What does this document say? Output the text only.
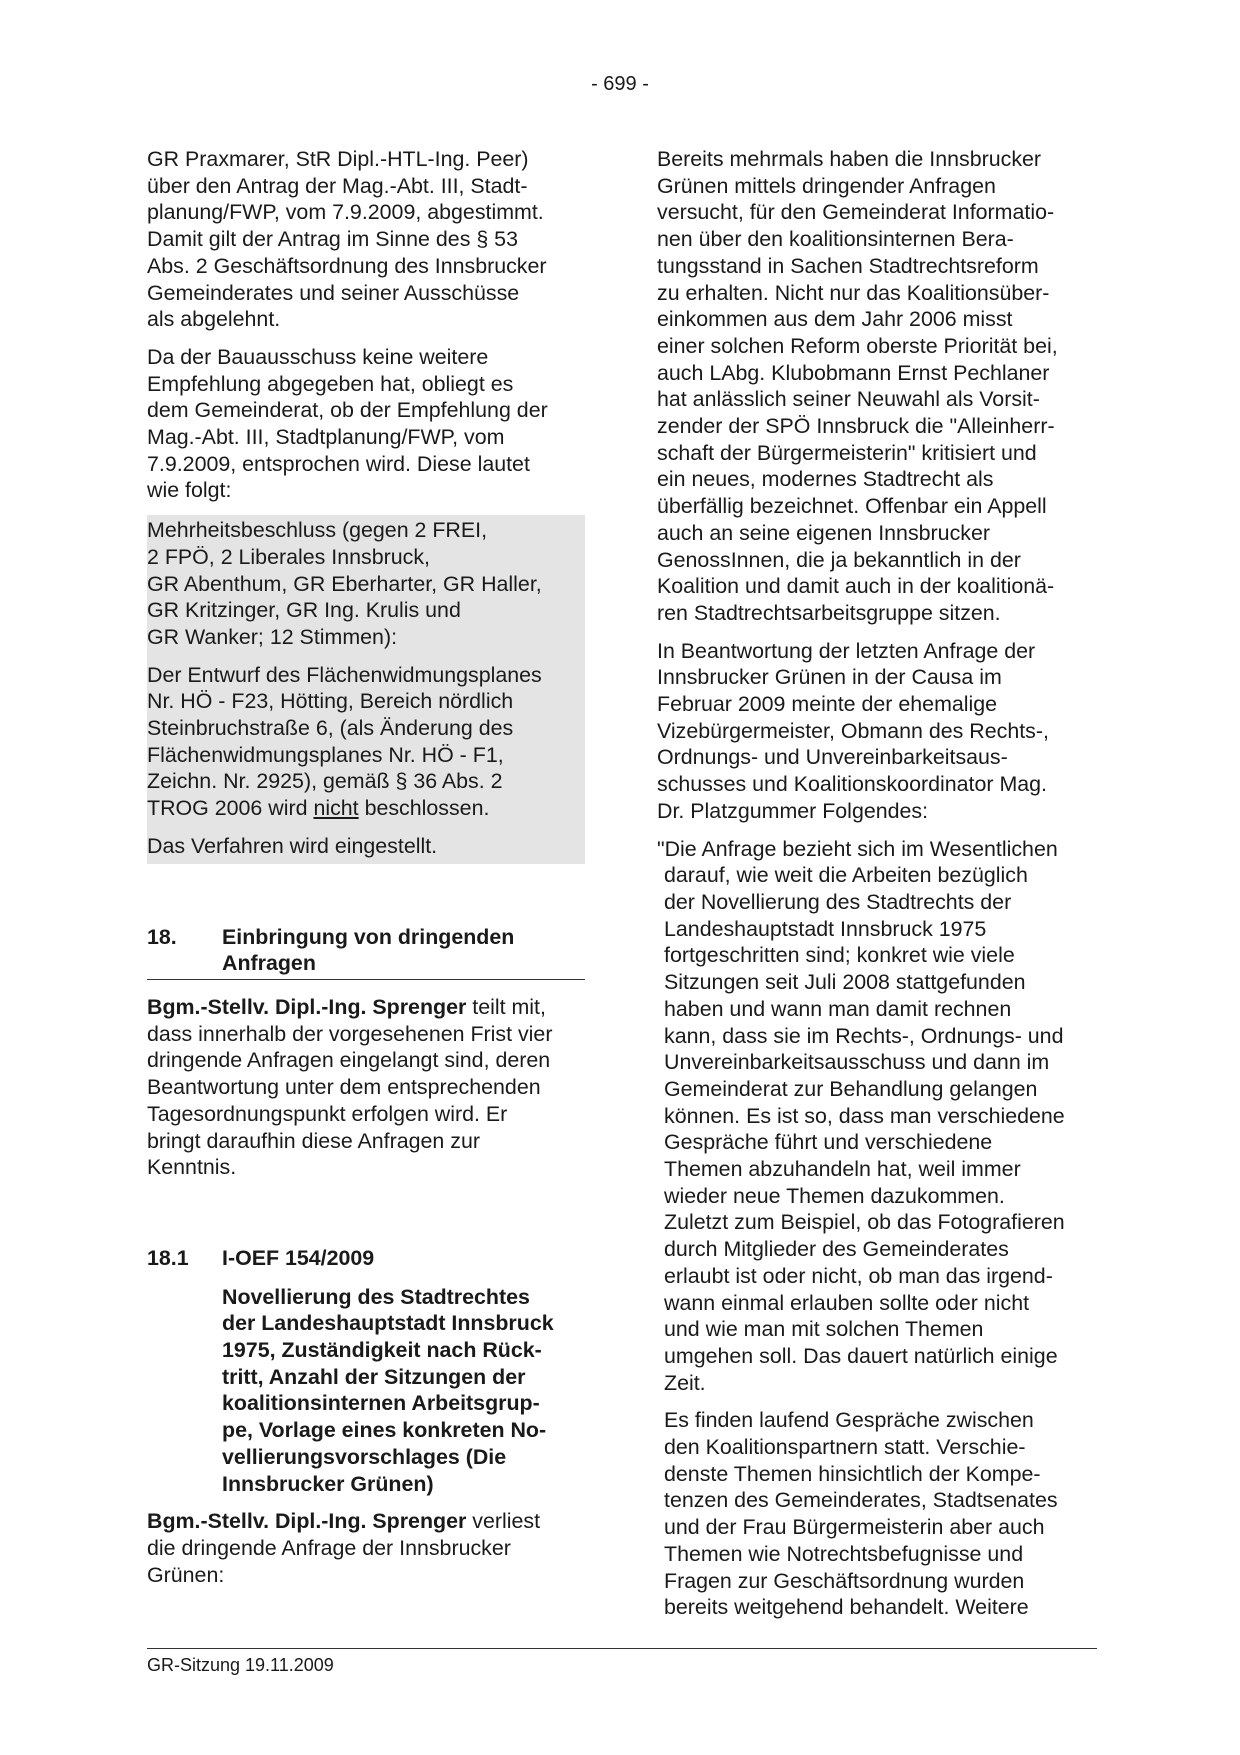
- 699 -

GR Praxmarer, StR Dipl.-HTL-Ing. Peer)
über den Antrag der Mag.-Abt. III, Stadt-
planung/FWP, vom 7.9.2009, abgestimmt.
Damit gilt der Antrag im Sinne des § 53
Abs. 2 Geschäftsordnung des Innsbrucker
Gemeinderates und seiner Ausschüsse
als abgelehnt.

Da der Bauausschuss keine weitere
Empfehlung abgegeben hat, obliegt es
dem Gemeinderat, ob der Empfehlung der
Mag.-Abt. III, Stadtplanung/FWP, vom
7.9.2009, entsprochen wird. Diese lautet
wie folgt:

Mehrheitsbeschluss (gegen 2 FREI,
2 FPÖ, 2 Liberales Innsbruck,
GR Abenthum, GR Eberharter, GR Haller,
GR Kritzinger, GR Ing. Krulis und
GR Wanker; 12 Stimmen):

Der Entwurf des Flächenwidmungsplanes
Nr. HÖ - F23, Hötting, Bereich nördlich
Steinbruchstraße 6, (als Änderung des
Flächenwidmungsplanes Nr. HÖ - F1,
Zeichn. Nr. 2925), gemäß § 36 Abs. 2
TROG 2006 wird nicht beschlossen.

Das Verfahren wird eingestellt.

18.	Einbringung von dringenden
Anfragen

Bgm.-Stellv. Dipl.-Ing. Sprenger teilt mit,
dass innerhalb der vorgesehenen Frist vier
dringende Anfragen eingelangt sind, deren
Beantwortung unter dem entsprechenden
Tagesordnungspunkt erfolgen wird. Er
bringt daraufhin diese Anfragen zur
Kenntnis.

18.1	I-OEF 154/2009
Novellierung des Stadtrechtes
der Landeshauptstadt Innsbruck
1975, Zuständigkeit nach Rück-
tritt, Anzahl der Sitzungen der
koalitionsinternen Arbeitsgrup-
pe, Vorlage eines konkreten No-
vellierungsvorschlages (Die
Innsbrucker Grünen)

Bgm.-Stellv. Dipl.-Ing. Sprenger verliest
die dringende Anfrage der Innsbrucker
Grünen:

Bereits mehrmals haben die Innsbrucker
Grünen mittels dringender Anfragen
versucht, für den Gemeinderat Informatio-
nen über den koalitionsinternen Bera-
tungsstand in Sachen Stadtrechtsreform
zu erhalten. Nicht nur das Koalitionsüber-
einkommen aus dem Jahr 2006 misst
einer solchen Reform oberste Priorität bei,
auch LAbg. Klubobmann Ernst Pechlaner
hat anlässlich seiner Neuwahl als Vorsit-
zender der SPÖ Innsbruck die "Alleinherr-
schaft der Bürgermeisterin" kritisiert und
ein neues, modernes Stadtrecht als
überfällig bezeichnet. Offenbar ein Appell
auch an seine eigenen Innsbrucker
GenossInnen, die ja bekanntlich in der
Koalition und damit auch in der koalitionä-
ren Stadtrechtsarbeitsgruppe sitzen.

In Beantwortung der letzten Anfrage der
Innsbrucker Grünen in der Causa im
Februar 2009 meinte der ehemalige
Vizebürgermeister, Obmann des Rechts-,
Ordnungs- und Unvereinbarkeitsaus-
schusses und Koalitionskoordinator Mag.
Dr. Platzgummer Folgendes:

"Die Anfrage bezieht sich im Wesentlichen

darauf, wie weit die Arbeiten bezüglich
der Novellierung des Stadtrechts der
Landeshauptstadt Innsbruck 1975
fortgeschritten sind; konkret wie viele
Sitzungen seit Juli 2008 stattgefunden
haben und wann man damit rechnen
kann, dass sie im Rechts-, Ordnungs- und
Unvereinbarkeitsausschuss und dann im
Gemeinderat zur Behandlung gelangen
können. Es ist so, dass man verschiedene
Gespräche führt und verschiedene
Themen abzuhandeln hat, weil immer
wieder neue Themen dazukommen.
Zuletzt zum Beispiel, ob das Fotografieren
durch Mitglieder des Gemeinderates
erlaubt ist oder nicht, ob man das irgend-
wann einmal erlauben sollte oder nicht
und wie man mit solchen Themen
umgehen soll. Das dauert natürlich einige
Zeit.

Es finden laufend Gespräche zwischen
den Koalitionspartnern statt. Verschie-
denste Themen hinsichtlich der Kompe-
tenzen des Gemeinderates, Stadtsenates
und der Frau Bürgermeisterin aber auch
Themen wie Notrechtsbefugnisse und
Fragen zur Geschäftsordnung wurden
bereits weitgehend behandelt. Weitere

GR-Sitzung 19.11.2009
